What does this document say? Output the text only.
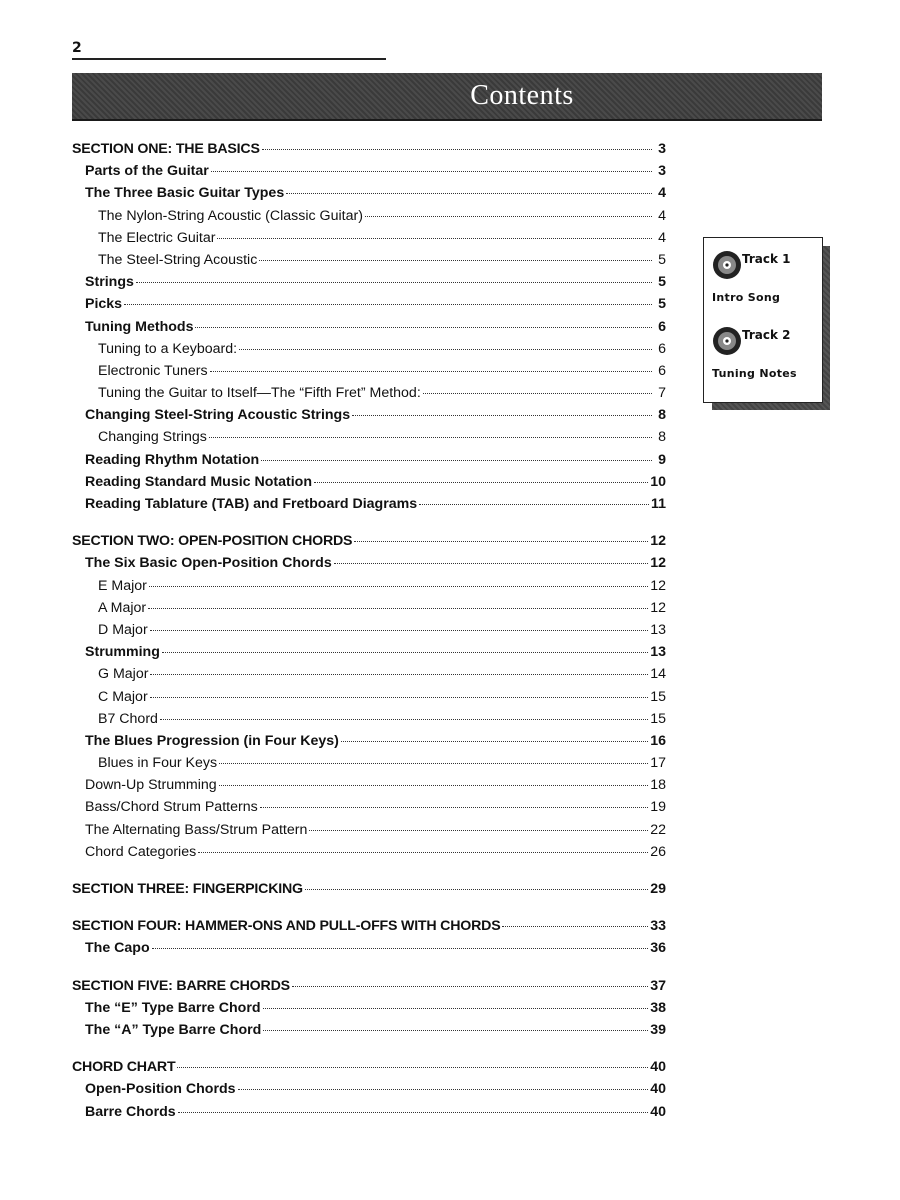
2
Contents
SECTION ONE: THE BASICS	3
Parts of the Guitar	3
The Three Basic Guitar Types	4
The Nylon-String Acoustic (Classic Guitar)	4
The Electric Guitar	4
The Steel-String Acoustic	5
Strings	5
Picks	5
Tuning Methods	6
Tuning to a Keyboard:	6
Electronic Tuners	6
Tuning the Guitar to Itself—The “Fifth Fret” Method:	7
Changing Steel-String Acoustic Strings	8
Changing Strings	8
Reading Rhythm Notation	9
Reading Standard Music Notation	10
Reading Tablature (TAB) and Fretboard Diagrams	11
SECTION TWO: OPEN-POSITION CHORDS	12
The Six Basic Open-Position Chords	12
E Major	12
A Major	12
D Major	13
Strumming	13
G Major	14
C Major	15
B7 Chord	15
The Blues Progression (in Four Keys)	16
Blues in Four Keys	17
Down-Up Strumming	18
Bass/Chord Strum Patterns	19
The Alternating Bass/Strum Pattern	22
Chord Categories	26
SECTION THREE: FINGERPICKING	29
SECTION FOUR: HAMMER-ONS AND PULL-OFFS WITH CHORDS	33
The Capo	36
SECTION FIVE: BARRE CHORDS	37
The “E” Type Barre Chord	38
The “A” Type Barre Chord	39
CHORD CHART	40
Open-Position Chords	40
Barre Chords	40
Track 1
Intro Song
Track 2
Tuning Notes
